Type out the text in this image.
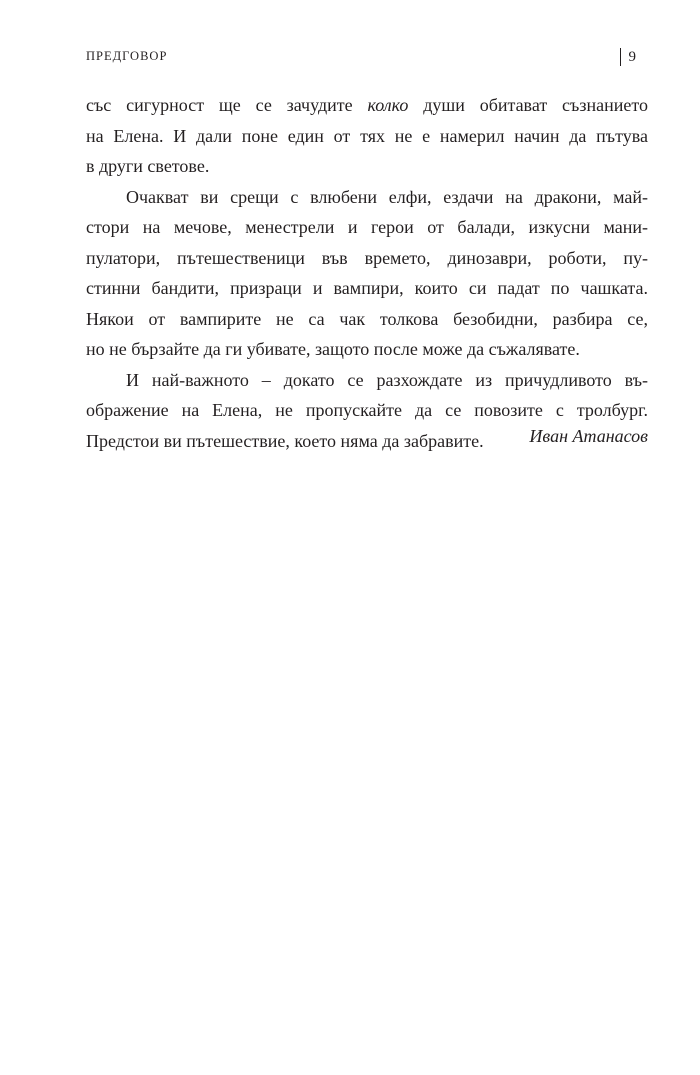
ПРЕДГОВОР	9
със сигурност ще се зачудите колко души обитават съзнанието
на Елена. И дали поне един от тях не е намерил начин да пътува
в други светове.
Очакват ви срещи с влюбени елфи, ездачи на дракони, май-
стори на мечове, менестрели и герои от балади, изкусни мани-
пулатори, пътешественици във времето, динозаври, роботи, пу-
стинни бандити, призраци и вампири, които си падат по чашката.
Някои от вампирите не са чак толкова безобидни, разбира се,
но не бързайте да ги убивате, защото после може да съжалявате.
И най-важното – докато се разхождате из причудливото въ-
ображение на Елена, не пропускайте да се повозите с тролбург.
Предстои ви пътешествие, което няма да забравите.	Иван Атанасов
